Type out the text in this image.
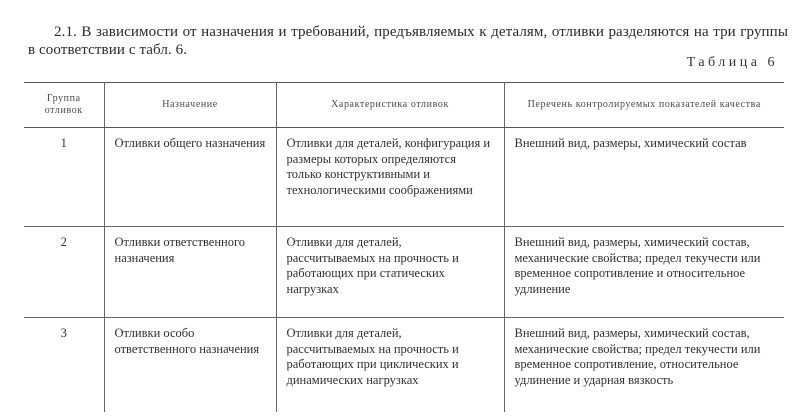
2.1. В зависимости от назначения и требований, предъявляемых к деталям, отливки разделяются на три группы в соответствии с табл. 6.

Таблица 6
Группа отливок	Назначение	Характеристика отливок	Перечень контролируемых показателей качества
1	Отливки общего назначения	Отливки для деталей, конфигурация и размеры которых определяются только конструктивными и технологическими соображениями	Внешний вид, размеры, химический состав
2	Отливки ответственного назначения	Отливки для деталей, рассчитываемых на прочность и работающих при статических нагрузках	Внешний вид, размеры, химический состав, механические свойства; предел текучести или временное сопротивление и относительное удлинение
3	Отливки особо ответственного назначения	Отливки для деталей, рассчитываемых на прочность и работающих при циклических и динамических нагрузках	Внешний вид, размеры, химический состав, механические свойства; предел текучести или временное сопротивление, относительное удлинение и ударная вязкость
